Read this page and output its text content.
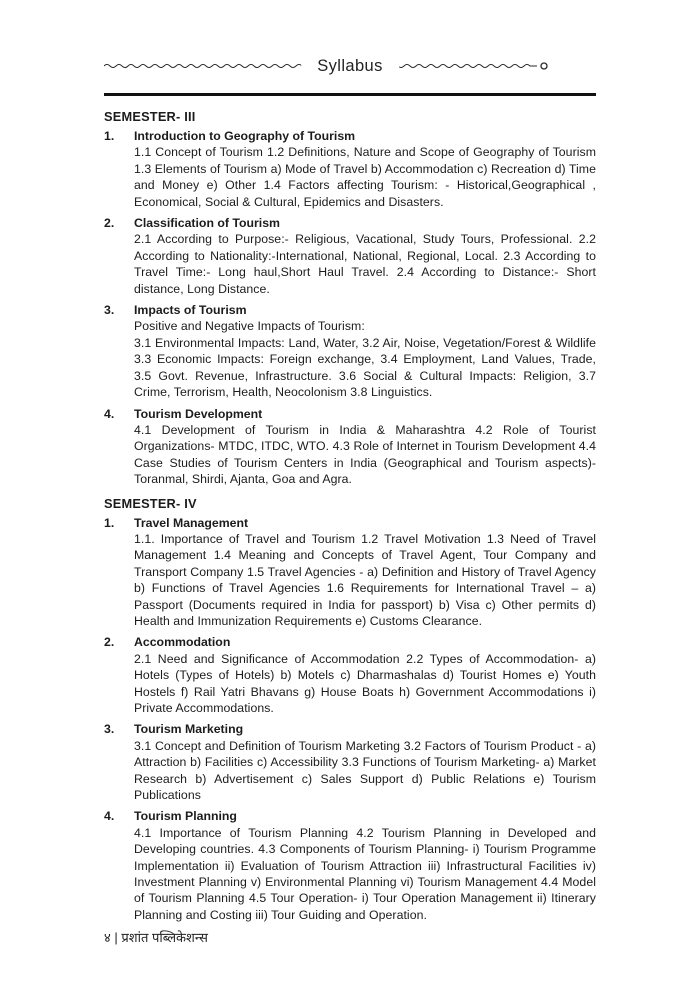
Syllabus
SEMESTER- III
1.	Introduction to Geography of Tourism

1.1 Concept of Tourism 1.2 Definitions, Nature and Scope of Geography of Tourism 1.3 Elements of Tourism a) Mode of Travel b) Accommodation c) Recreation d) Time and Money e) Other 1.4 Factors affecting Tourism: - Historical,Geographical , Economical, Social & Cultural, Epidemics and Disasters.

2.	Classification of Tourism

2.1 According to Purpose:- Religious, Vacational, Study Tours, Professional. 2.2 According to Nationality:-International, National, Regional, Local. 2.3 According to Travel Time:- Long haul,Short Haul Travel. 2.4 According to Distance:- Short distance, Long Distance.

3.	Impacts of Tourism

Positive and Negative Impacts of Tourism:

3.1 Environmental Impacts: Land, Water, 3.2 Air, Noise, Vegetation/Forest & Wildlife 3.3 Economic Impacts: Foreign exchange, 3.4 Employment, Land Values, Trade, 3.5 Govt. Revenue, Infrastructure. 3.6 Social & Cultural Impacts: Religion, 3.7 Crime, Terrorism, Health, Neocolonism 3.8 Linguistics.

4.	Tourism Development

4.1 Development of Tourism in India & Maharashtra 4.2 Role of Tourist Organizations- MTDC, ITDC, WTO. 4.3 Role of Internet in Tourism Development 4.4 Case Studies of Tourism Centers in India (Geographical and Tourism aspects)- Toranmal, Shirdi, Ajanta, Goa and Agra.

SEMESTER- IV
1.	Travel Management

1.1. Importance of Travel and Tourism 1.2 Travel Motivation 1.3 Need of Travel Management 1.4 Meaning and Concepts of Travel Agent, Tour Company and Transport Company 1.5 Travel Agencies - a) Definition and History of Travel Agency b) Functions of Travel Agencies 1.6 Requirements for International Travel – a) Passport (Documents required in India for passport) b) Visa c) Other permits d) Health and Immunization Requirements e) Customs Clearance.

2.	Accommodation

2.1 Need and Significance of Accommodation 2.2 Types of Accommodation- a) Hotels (Types of Hotels) b) Motels c) Dharmashalas d) Tourist Homes e) Youth Hostels f) Rail Yatri Bhavans g) House Boats h) Government Accommodations i) Private Accommodations.

3.	Tourism Marketing

3.1 Concept and Definition of Tourism Marketing 3.2 Factors of Tourism Product - a) Attraction b) Facilities c) Accessibility 3.3 Functions of Tourism Marketing- a) Market Research b) Advertisement c) Sales Support d) Public Relations e) Tourism Publications

4.	Tourism Planning

4.1 Importance of Tourism Planning 4.2 Tourism Planning in Developed and Developing countries. 4.3 Components of Tourism Planning- i) Tourism Programme Implementation ii) Evaluation of Tourism Attraction iii) Infrastructural Facilities iv) Investment Planning v) Environmental Planning vi) Tourism Management 4.4 Model of Tourism Planning 4.5 Tour Operation- i) Tour Operation Management ii) Itinerary Planning and Costing iii) Tour Guiding and Operation.

४ | प्रशांत पब्लिकेशन्स
